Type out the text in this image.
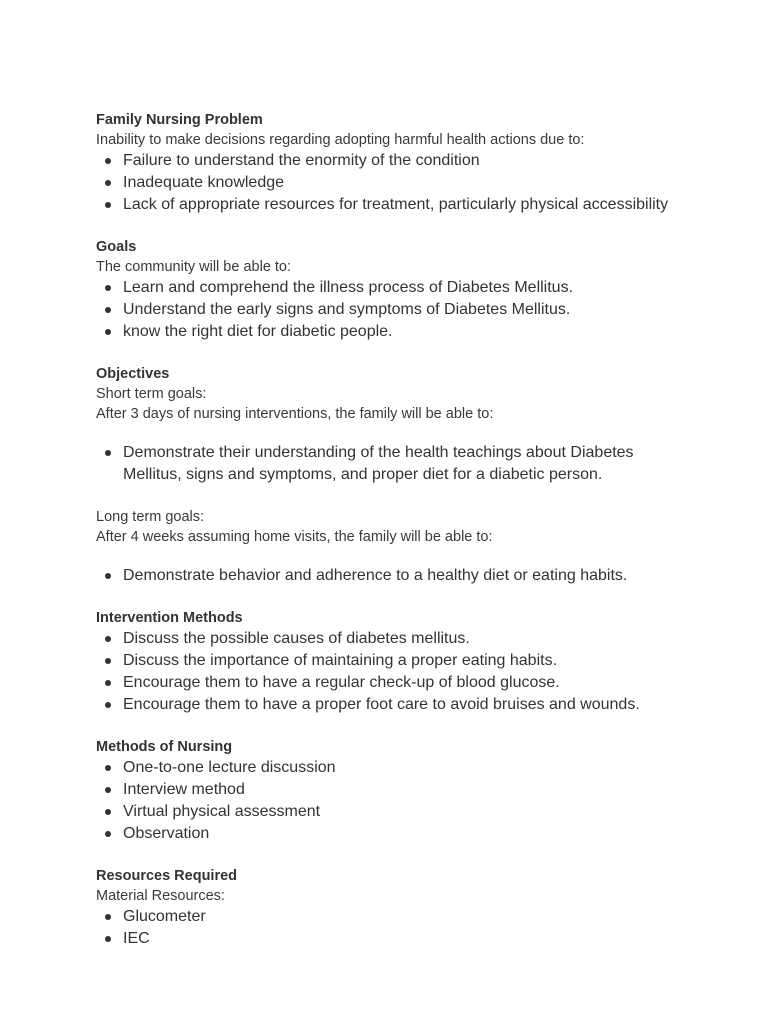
Family Nursing Problem
Inability to make decisions regarding adopting harmful health actions due to:
Failure to understand the enormity of the condition
Inadequate knowledge
Lack of appropriate resources for treatment, particularly physical accessibility
Goals
The community will be able to:
Learn and comprehend the illness process of Diabetes Mellitus.
Understand the early signs and symptoms of Diabetes Mellitus.
know the right diet for diabetic people.
Objectives
Short term goals:
After 3 days of nursing interventions, the family will be able to:
Demonstrate their understanding of the health teachings about Diabetes Mellitus, signs and symptoms, and proper diet for a diabetic person.
Long term goals:
After 4 weeks assuming home visits, the family will be able to:
Demonstrate behavior and adherence to a healthy diet or eating habits.
Intervention Methods
Discuss the possible causes of diabetes mellitus.
Discuss the importance of maintaining a proper eating habits.
Encourage them to have a regular check-up of blood glucose.
Encourage them to have a proper foot care to avoid bruises and wounds.
Methods of Nursing
One-to-one lecture discussion
Interview method
Virtual physical assessment
Observation
Resources Required
Material Resources:
Glucometer
IEC
